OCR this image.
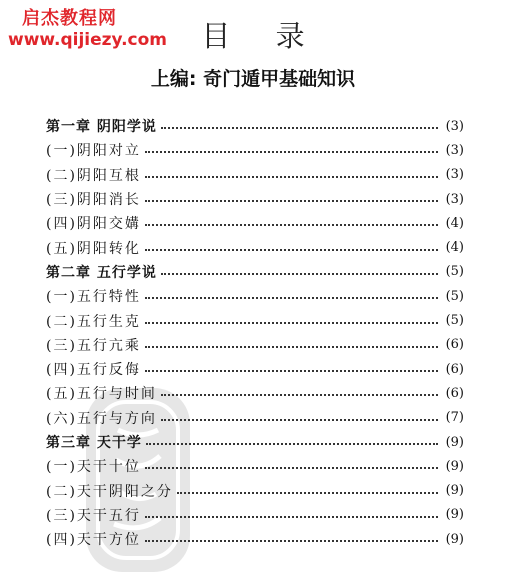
启杰教程网
www.qijiezy.com	目 录
上编: 奇门遁甲基础知识
第一章 阴阳学说	(3)
(一)阴阳对立	(3)
(二)阴阳互根	(3)
(三)阴阳消长	(3)
(四)阴阳交媾	(4)
(五)阴阳转化	(4)
第二章 五行学说	(5)
(一)五行特性	(5)
(二)五行生克	(5)
(三)五行亢乘	(6)
(四)五行反侮	(6)
(五)五行与时间	(6)
(六)五行与方向	(7)
第三章 天干学	(9)
(一)天干十位	(9)
(二)天干阴阳之分	(9)
(三)天干五行	(9)
(四)天干方位	(9)
